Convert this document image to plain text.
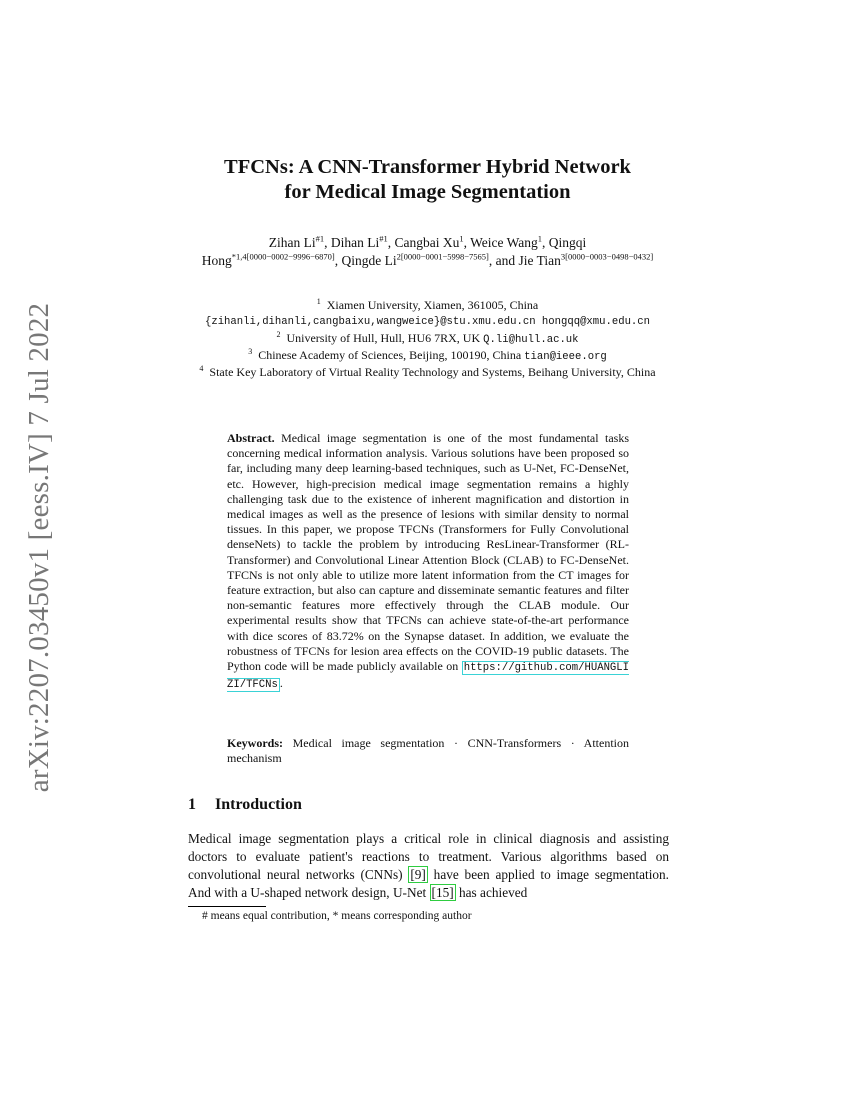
arXiv:2207.03450v1 [eess.IV] 7 Jul 2022
TFCNs: A CNN-Transformer Hybrid Network
for Medical Image Segmentation
Zihan Li$^{\#1}$, Dihan Li$^{\#1}$, Cangbai Xu$^1$, Weice Wang$^1$, Qingqi Hong$^{*1,4[0000-0002-9996-6870]}$, Qingde $Li^{2[0000-0001-5998-7565]}$, and Jie Tian$^{3[0000-0003-0498-0432]}$
$^1$ Xiamen University, Xiamen, 361005, China
{zihanli,dihanli,cangbaixu,wangweice}@stu.xmu.edu.cn hongqq@xmu.edu.cn
$^2$ University of Hull, Hull, HU6 7RX, UK Q.li@hull.ac.uk
$^3$ Chinese Academy of Sciences, Beijing, 100190, China tian@ieee.org
$^4$ State Key Laboratory of Virtual Reality Technology and Systems, Beihang University, China
Abstract. Medical image segmentation is one of the most fundamental tasks concerning medical information analysis. Various solutions have been proposed so far, including many deep learning-based techniques, such as U-Net, FC-DenseNet, etc. However, high-precision medical image segmentation remains a highly challenging task due to the existence of inherent magnification and distortion in medical images as well as the presence of lesions with similar density to normal tissues. In this paper, we propose TFCNs (Transformers for Fully Convolutional denseNets) to tackle the problem by introducing ResLinear-Transformer (RL-Transformer) and Convolutional Linear Attention Block (CLAB) to FC-DenseNet. TFCNs is not only able to utilize more latent information from the CT images for feature extraction, but also can capture and disseminate semantic features and filter non-semantic features more effectively through the CLAB module. Our experimental results show that TFCNs can achieve state-of-the-art performance with dice scores of 83.72% on the Synapse dataset. In addition, we evaluate the robustness of TFCNs for lesion area effects on the COVID-19 public datasets. The Python code will be made publicly available on https://github.com/HUANGLIZI/TFCNs .
Keywords: Medical image segmentation · CNN-Transformers · Attention mechanism
1 Introduction

Medical image segmentation plays a critical role in clinical diagnosis and assisting doctors to evaluate patient's reactions to treatment. Various algorithms based on convolutional neural networks (CNNs) [9] have been applied to image segmentation. And with a U-shaped network design, U-Net [15] has achieved

# means equal contribution, * means corresponding author
